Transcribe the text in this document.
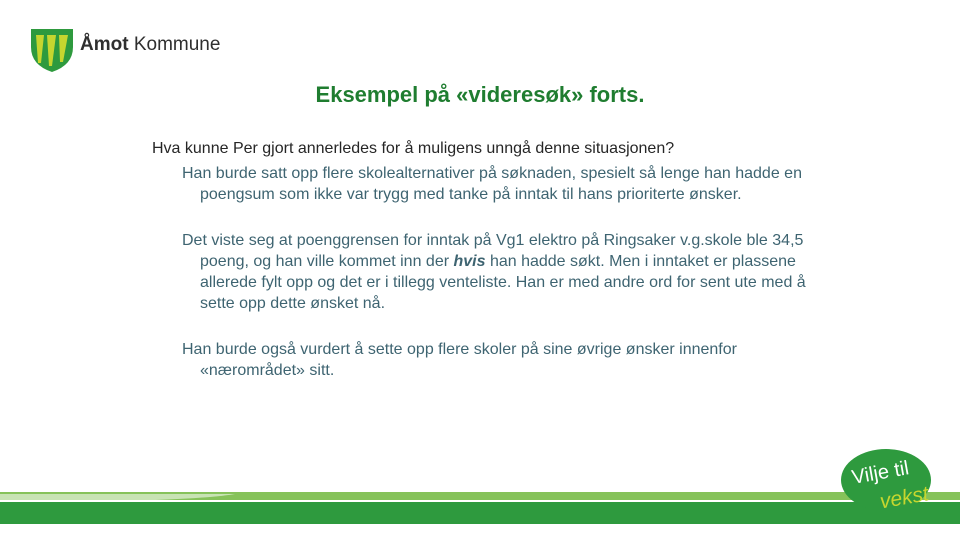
Åmot Kommune
Eksempel på «videresøk» forts.

Hva kunne Per gjort annerledes for å muligens unngå denne situasjonen?

Han burde satt opp flere skolealternativer på søknaden, spesielt så lenge han hadde en poengsum som ikke var trygg med tanke på inntak til hans prioriterte ønsker.

Det viste seg at poenggrensen for inntak på Vg1 elektro på Ringsaker v.g.skole ble 34,5 poeng, og han ville kommet inn der hvis han hadde søkt. Men i inntaket er plassene allerede fylt opp og det er i tillegg venteliste. Han er med andre ord for sent ute med å sette opp dette ønsket nå.

Han burde også vurdert å sette opp flere skoler på sine øvrige ønsker innenfor «nærområdet» sitt.

Vilje til
vekst
